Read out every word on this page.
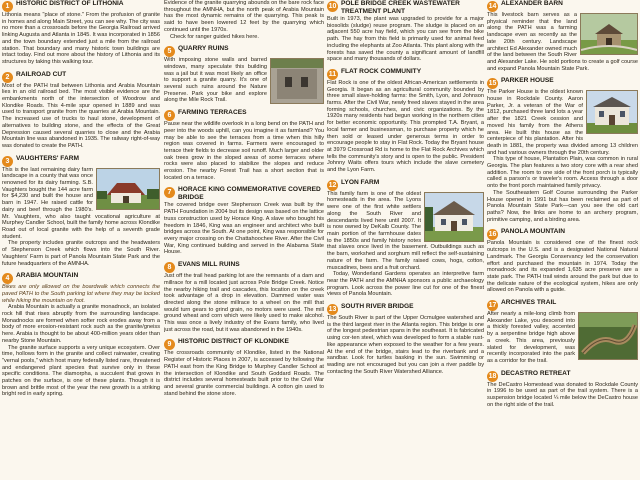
1 HISTORIC DISTRICT OF LITHONIA

Lithonia means "place of stone." From the profusion of granite in homes and along Main Street, you can see why. The city was no more than a crossroads before the Georgia Railroad arrived linking Augusta and Atlanta in 1845. It was incorporated in 1856 and the town boundary extended just a mile from the railroad station. That boundary and many historic town buildings are intact today. Find out more about the history of Lithonia and its structures by taking this walking tour.

2 RAILROAD CUT

Most of the PATH trail between Lithonia and Arabia Mountain lies in an old railroad bed. The most visible evidence are the embankments north of the intersection of Woodrow and Klondike Roads. This 4-mile spur opened in 1889 and was used to transport granite from the quarries at Arabia Mountain. The increased use of trucks to haul stone, development of alternatives to building stone, and the effects of the Great Depression caused several quarries to close and the Arabia Mountain line was abandoned in 1935. The railway right-of-way was donated to create the PATH.

3 VAUGHTERS' FARM

This is the last remaining dairy farm landscape in a county that was once renowned for its dairy farming. S.B. Vaughters bought the 144 acre farm for $4,230 and built the house and barn in 1947. He raised cattle for dairy and beef through the 1980's. Mr. Vaughters, who also taught vocational agriculture at Murphey Candler School, built the family home across Klondike Road out of local granite with the help of a seventh grade student.

The property includes granite outcrops and the headwaters of Stephenson Creek which flows into the South River. Vaughters' Farm is part of Panola Mountain State Park and the future headquarters of the AMNHA.

4 ARABIA MOUNTAIN

Bikes are only allowed on the boardwalk which connects the paved PATH to the South parking lot where they may be locked while hiking the mountain on foot.

Arabia Mountain is actually a granite monadnock, an isolated rock hill that rises abruptly from the surrounding landscape. Monadnocks are formed when softer rock erodes away from a body of more erosion-resistant rock such as the granite/gneiss here. Arabia is thought to be about 400-million years older than nearby Stone Mountain.

The granite surface supports a very unique ecosystem. Over time, hollows form in the granite and collect rainwater, creating "vernal pools," which host many federally listed rare, threatened and endangered plant species that survive only in these specific conditions. The diamorpha, a succulent that grows in patches on the surface, is one of these plants. Though it is brown and brittle most of the year the new growth is a striking bright red in early spring.

Evidence of the granite quarrying abounds on the bare rock face throughout the AMNHA, but the north peak of Arabia Mountain has the most dynamic remains of the quarrying. This peak is said to have been lowered 12 feet by the quarrying which continued until the 1970s.

Check for ranger guided hikes here.

5 QUARRY RUINS

With imposing stone walls and barred windows, many speculate this building was a jail but it was most likely an office to support a granite quarry. It's one of several such ruins around the Nature Preserve. Park your bike and explore along the Mile Rock Trail.

6 FARMING TERRACES

Pause near the wildlife overlook in a long bend on the PATH and peer into the woods uphill, can you imagine it as farmland? You may be able to see the terraces from a time when this hilly region was covered in farms. Farmers were encouraged to terrace their fields to decrease soil runoff. Much larger and older oak trees grow in the sloped areas of some terraces where rocks were also placed to stabilize the slopes and reduce erosion. The nearby Forest Trail has a short section that is located on a terrace.

7 HORACE KING COMMEMORATIVE COVERED BRIDGE

The covered bridge over Stephenson Creek was built by the PATH Foundation in 2004 but its design was based on the lattice truss construction used by Horace King. A slave who bought his freedom in 1846, King was an engineer and architect who built bridges across the South. At one point, King was responsible for every major crossing on the Chattahoochee River. After the Civil War, King continued building and served in the Alabama State House.

8 EVANS MILL RUINS

Just off the trail head parking lot are the remnants of a dam and millrace for a mill located just across Pole Bridge Creek. Notice the nearby hiking trail and cascades, this location on the creek took advantage of a drop in elevation. Dammed water was directed along the stone millrace to a wheel on the mill that would turn gears to grind grain, no motors were used. The mill ground wheat and corn which were likely used to make alcohol. This was once a lively industry of the Evans family, who lived just across the road, but it was abandoned in the 1940s.

9 HISTORIC DISTRICT OF KLONDIKE

The crossroads community of Klondike, listed in the National Register of Historic Places in 2007, is accessed by following the PATH east from the King Bridge to Murphey Candler School at the intersection of Klondike and South Goddard Roads. The district includes several homesteads built prior to the Civil War and several granite commercial buildings. A cotton gin used to stand behind the stone store.

10 POLE BRIDGE CREEK WASTEWATER TREATMENT PLANT

Built in 1973, the plant was upgraded to provide for a major biosolids (sludge) reuse program. The sludge is placed on an adjacent 550 acre hay field, which you can see from the bike path. The hay from this field is primarily used for animal feed including the elephants at Zoo Atlanta. This plant along with the forests has saved the county a significant amount of landfill space and many thousands of dollars.

11 FLAT ROCK COMMUNITY

Flat Rock is one of the oldest African-American settlements in Georgia. It began as an agricultural community bounded by three small slave-holding farms: the Smith, Lyon, and Johnson farms. After the Civil War, newly freed slaves stayed in the area forming schools, churches, and civic organizations. By the 1920s many residents had begun working in the northern cities for better economic opportunity. This prompted T.A. Bryant, a local farmer and businessman, to purchase property which he then sold or leased under generous terms in order to encourage people to stay in Flat Rock. Today the Bryant house at 3979 Crossroad Rd is home to the Flat Rock Archives which tells the community's story and is open to the public. President Johnny Waits offers tours which include the slave cemetery and the Lyon Farm.

12 LYON FARM

This family farm is one of the oldest homesteads in the area. The Lyons were one of the first white settlers along the South River and descendants lived here until 2007. It is now owned by DeKalb County. The main portion of the farmhouse dates to the 1850s and family history notes that slaves once lived in the basement. Outbuildings such as the barn, workshed and sorghum mill reflect the self-sustaining nature of the farm. The family raised cows, hogs, cotton, muscadines, bees and a fruit orchard.

Today, Wonderland Gardens operates an interpretive farm near the PATH and the AMNHA sponsors a public archaeology program. Look across the power line cut for one of the finest views of Panola Mountain.

13 SOUTH RIVER BRIDGE

The South River is part of the Upper Ocmulgee watershed and is the third largest river in the Atlanta region. This bridge is one of the longest pedestrian spans in the southeast. It is fabricated using cor-ten steel, which was developed to form a stable rust-like appearance when exposed to the weather for a few years. At the end of the bridge, stairs lead to the riverbank and a sandbar. Look for turtles basking in the sun. Swimming or wading are not encouraged but you can join a river paddle by contacting the South River Watershed Alliance.

14 ALEXANDER BARN

This livestock barn serves as a physical reminder that the land along the PATH was a farming landscape even as recently as the late 20th century. Landscape architect Ed Alexander owned much of the land between the South River and Alexander Lake. He sold portions to create a golf course and expand Panola Mountain State Park.

15 PARKER HOUSE

The Parker House is the oldest known house in Rockdale County. Aaron Parker, Jr. a veteran of the War of 1812, purchased three land lots a year after the 1821 Creek cession and moved his family from the Athens area. He built this house as the centerpiece of his plantation. After his death in 1881, the property was divided among 13 children and had various owners through the 20th century.

This type of house, Plantation Plain, was common in rural Georgia. The plan features a two story core with a rear shed addition. The room to one side of the front porch is typically called a parson's or traveler's room. Access through a door onto the front porch maintained family privacy.

The Southeastern Golf Course surrounding the Parker House opened in 1991 but has been reclaimed as part of Panola Mountain State Park—can you see the old cart paths? Now, the links are home to an archery program, primitive camping, and a birding area.

16 PANOLA MOUNTAIN

Panola Mountain is considered one of the finest rock outcrops in the U.S. and is a designated National Natural Landmark. The Georgia Conservancy led the conservation effort and purchased the mountain in 1974. Today the monadnock and its expanded 1,635 acre preserve are a state park. The PATH trail winds around the park but due to the delicate nature of the ecological system, hikes are only allowed on Panola with a guide.

17 ARCHIVES TRAIL

After nearly a mile-long climb from Alexander Lake, you descend into a thickly forested valley, accented by a serpentine bridge high above a creek. This area, previously slated for development, was recently incorporated into the park as a corridor for the trail.

18 DECASTRO RETREAT

The DeCastro Homestead was donated to Rockdale County in 1996 to be used as part of the trail system. There is a suspension bridge located ¼ mile below the DeCastro house on the right side of the trail.
